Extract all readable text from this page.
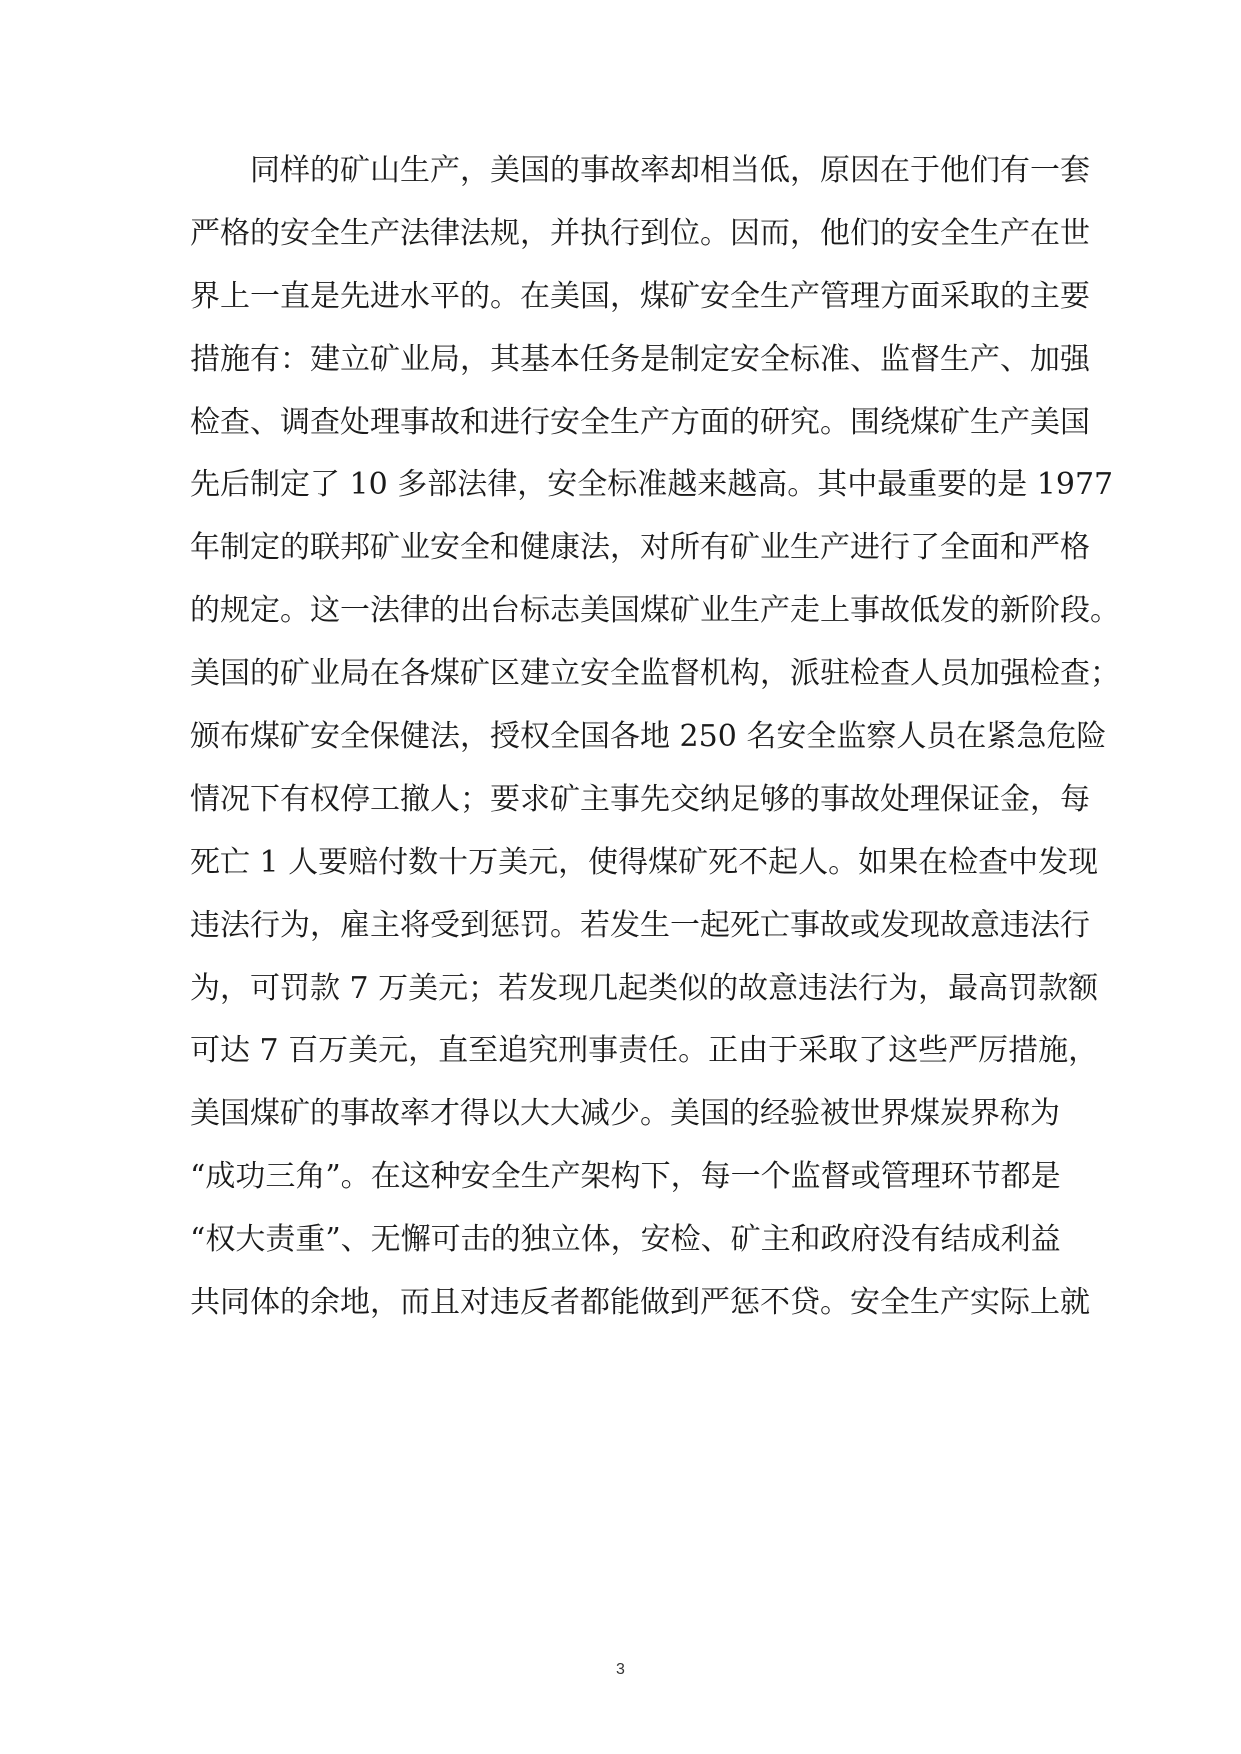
同样的矿山生产，美国的事故率却相当低，原因在于他们有一套
严格的安全生产法律法规，并执行到位。因而，他们的安全生产在世
界上一直是先进水平的。在美国，煤矿安全生产管理方面采取的主要
措施有：建立矿业局，其基本任务是制定安全标准、监督生产、加强
检查、调查处理事故和进行安全生产方面的研究。围绕煤矿生产美国
先后制定了 10 多部法律，安全标准越来越高。其中最重要的是 1977
年制定的联邦矿业安全和健康法，对所有矿业生产进行了全面和严格
的规定。这一法律的出台标志美国煤矿业生产走上事故低发的新阶段。
美国的矿业局在各煤矿区建立安全监督机构，派驻检查人员加强检查；
颁布煤矿安全保健法，授权全国各地 250 名安全监察人员在紧急危险
情况下有权停工撤人；要求矿主事先交纳足够的事故处理保证金，每
死亡 1 人要赔付数十万美元，使得煤矿死不起人。如果在检查中发现
违法行为，雇主将受到惩罚。若发生一起死亡事故或发现故意违法行
为，可罚款 7 万美元；若发现几起类似的故意违法行为，最高罚款额
可达 7 百万美元，直至追究刑事责任。正由于采取了这些严厉措施，
美国煤矿的事故率才得以大大减少。美国的经验被世界煤炭界称为
“成功三角”。在这种安全生产架构下，每一个监督或管理环节都是
“权大责重”、无懈可击的独立体，安检、矿主和政府没有结成利益
共同体的余地，而且对违反者都能做到严惩不贷。安全生产实际上就
3
